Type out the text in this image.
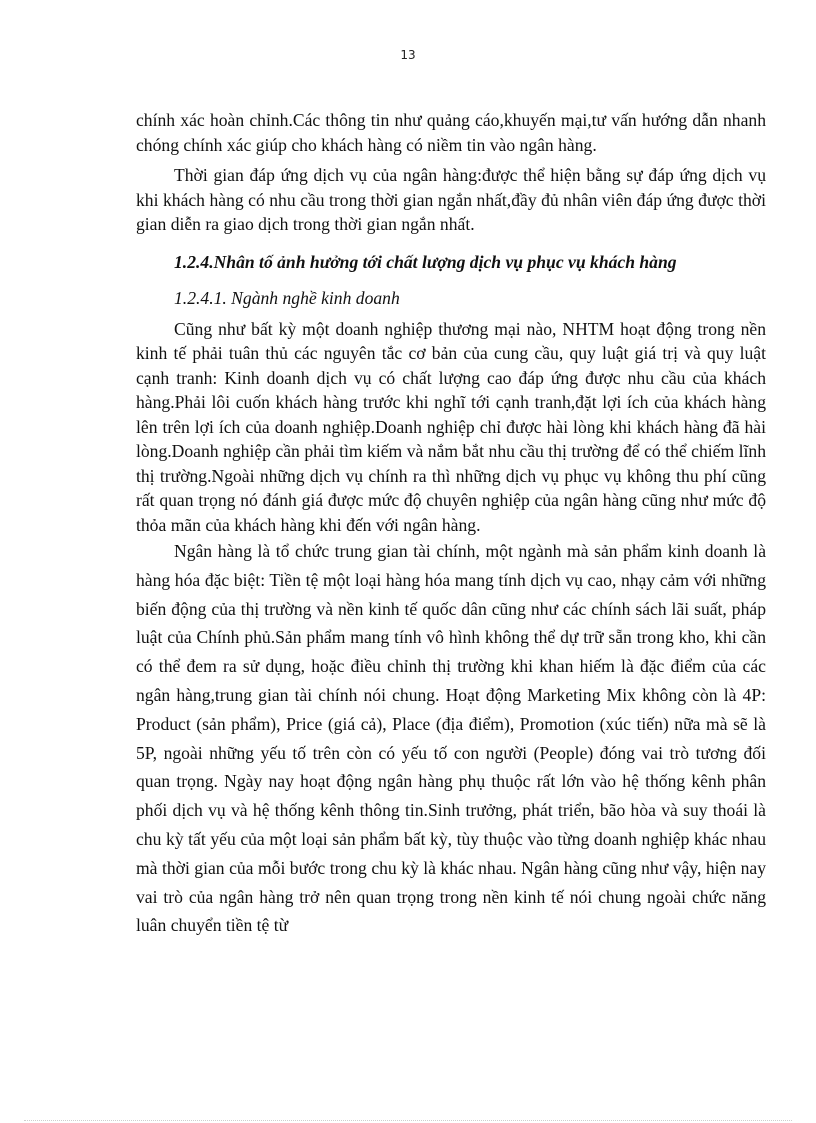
13

chính xác hoàn chỉnh.Các thông tin như quảng cáo,khuyến mại,tư vấn hướng dẫn nhanh chóng chính xác giúp cho khách hàng có niềm tin vào ngân hàng.

Thời gian đáp ứng dịch vụ của ngân hàng:được thể hiện bằng sự đáp ứng dịch vụ khi khách hàng có nhu cầu trong thời gian ngắn nhất,đầy đủ nhân viên đáp ứng được thời gian diễn ra giao dịch trong thời gian ngắn nhất.

1.2.4.Nhân tố ảnh hưởng tới chất lượng dịch vụ phục vụ khách hàng

1.2.4.1. Ngành nghề kinh doanh

Cũng như bất kỳ một doanh nghiệp thương mại nào, NHTM hoạt động trong nền kinh tế phải tuân thủ các nguyên tắc cơ bản của cung cầu, quy luật giá trị và quy luật cạnh tranh: Kinh doanh dịch vụ có chất lượng cao đáp ứng được nhu cầu của khách hàng.Phải lôi cuốn khách hàng trước khi nghĩ tới cạnh tranh,đặt lợi ích của khách hàng lên trên lợi ích của doanh nghiệp.Doanh nghiệp chỉ được hài lòng khi khách hàng đã hài lòng.Doanh nghiệp cần phải tìm kiếm và nắm bắt nhu cầu thị trường để có thể chiếm lĩnh thị trường.Ngoài những dịch vụ chính ra thì những dịch vụ phục vụ không thu phí cũng rất quan trọng nó đánh giá được mức độ chuyên nghiệp của ngân hàng cũng như mức độ thỏa mãn của khách hàng khi đến với ngân hàng.

Ngân hàng là tổ chức trung gian tài chính, một ngành mà sản phẩm kinh doanh là hàng hóa đặc biệt: Tiền tệ một loại hàng hóa mang tính dịch vụ cao, nhạy cảm với những biến động của thị trường và nền kinh tế quốc dân cũng như các chính sách lãi suất, pháp luật của Chính phủ.Sản phẩm mang tính vô hình không thể dự trữ sẵn trong kho, khi cần có thể đem ra sử dụng, hoặc điều chỉnh thị trường khi khan hiếm là đặc điểm của các ngân hàng,trung gian tài chính nói chung. Hoạt động Marketing Mix không còn là 4P: Product (sản phẩm), Price (giá cả), Place (địa điểm), Promotion (xúc tiến) nữa mà sẽ là 5P, ngoài những yếu tố trên còn có yếu tố con người (People) đóng vai trò tương đối quan trọng. Ngày nay hoạt động ngân hàng phụ thuộc rất lớn vào hệ thống kênh phân phối dịch vụ và hệ thống kênh thông tin.Sinh trưởng, phát triển, bão hòa và suy thoái là chu kỳ tất yếu của một loại sản phẩm bất kỳ, tùy thuộc vào từng doanh nghiệp khác nhau mà thời gian của mỗi bước trong chu kỳ là khác nhau. Ngân hàng cũng như vậy, hiện nay vai trò của ngân hàng trở nên quan trọng trong nền kinh tế nói chung ngoài chức năng luân chuyển tiền tệ từ
